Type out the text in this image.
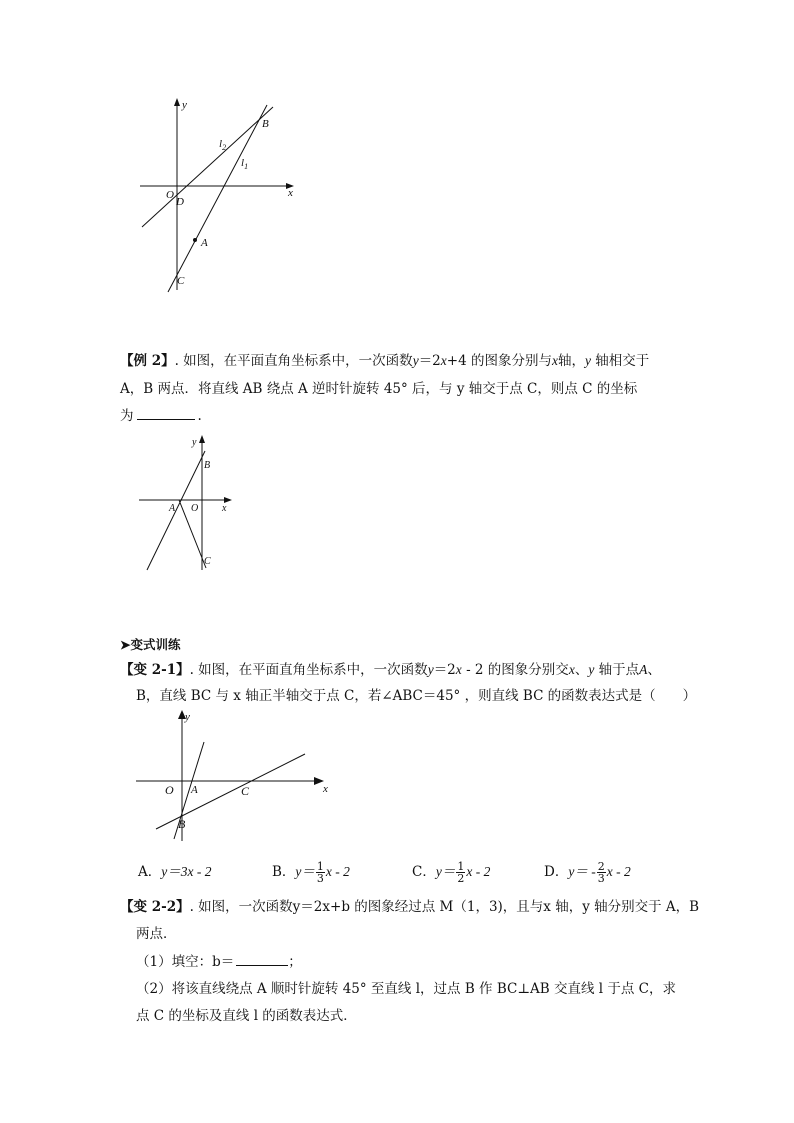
y
x
O
D
B
A
C
$l_2$
$l_1$
【例 2】. 如图，在平面直角坐标系中，一次函数y＝2x+4 的图象分别与x轴，y 轴相交于
A，B 两点．将直线 AB 绕点 A 逆时针旋转 45° 后，与 y 轴交于点 C，则点 C 的坐标
为	.
y
B
A O x
C
➤变式训练
【变 2-1】. 如图，在平面直角坐标系中，一次函数y＝2x - 2 的图象分别交x、y 轴于点A、
B，直线 BC 与 x 轴正半轴交于点 C，若∠ABC＝45° ，则直线 BC 的函数表达式是（　　）
y
x
O A	C
B
A．y＝3x - 2	B．$y= \frac{1}{3}$ x - 2	C．$y= \frac{1}{2}$ x - 2	D．$y= - \frac{2}{3}$ x - 2
【变 2-2】. 如图，一次函数y＝2x+b 的图象经过点 M（1，3)，且与x 轴，y 轴分别交于 A，B
两点．
（1）填空：b＝	；
（2）将该直线绕点 A 顺时针旋转 45° 至直线 l，过点 B 作 BC⊥AB 交直线 l 于点 C，求
点 C 的坐标及直线 l 的函数表达式．
